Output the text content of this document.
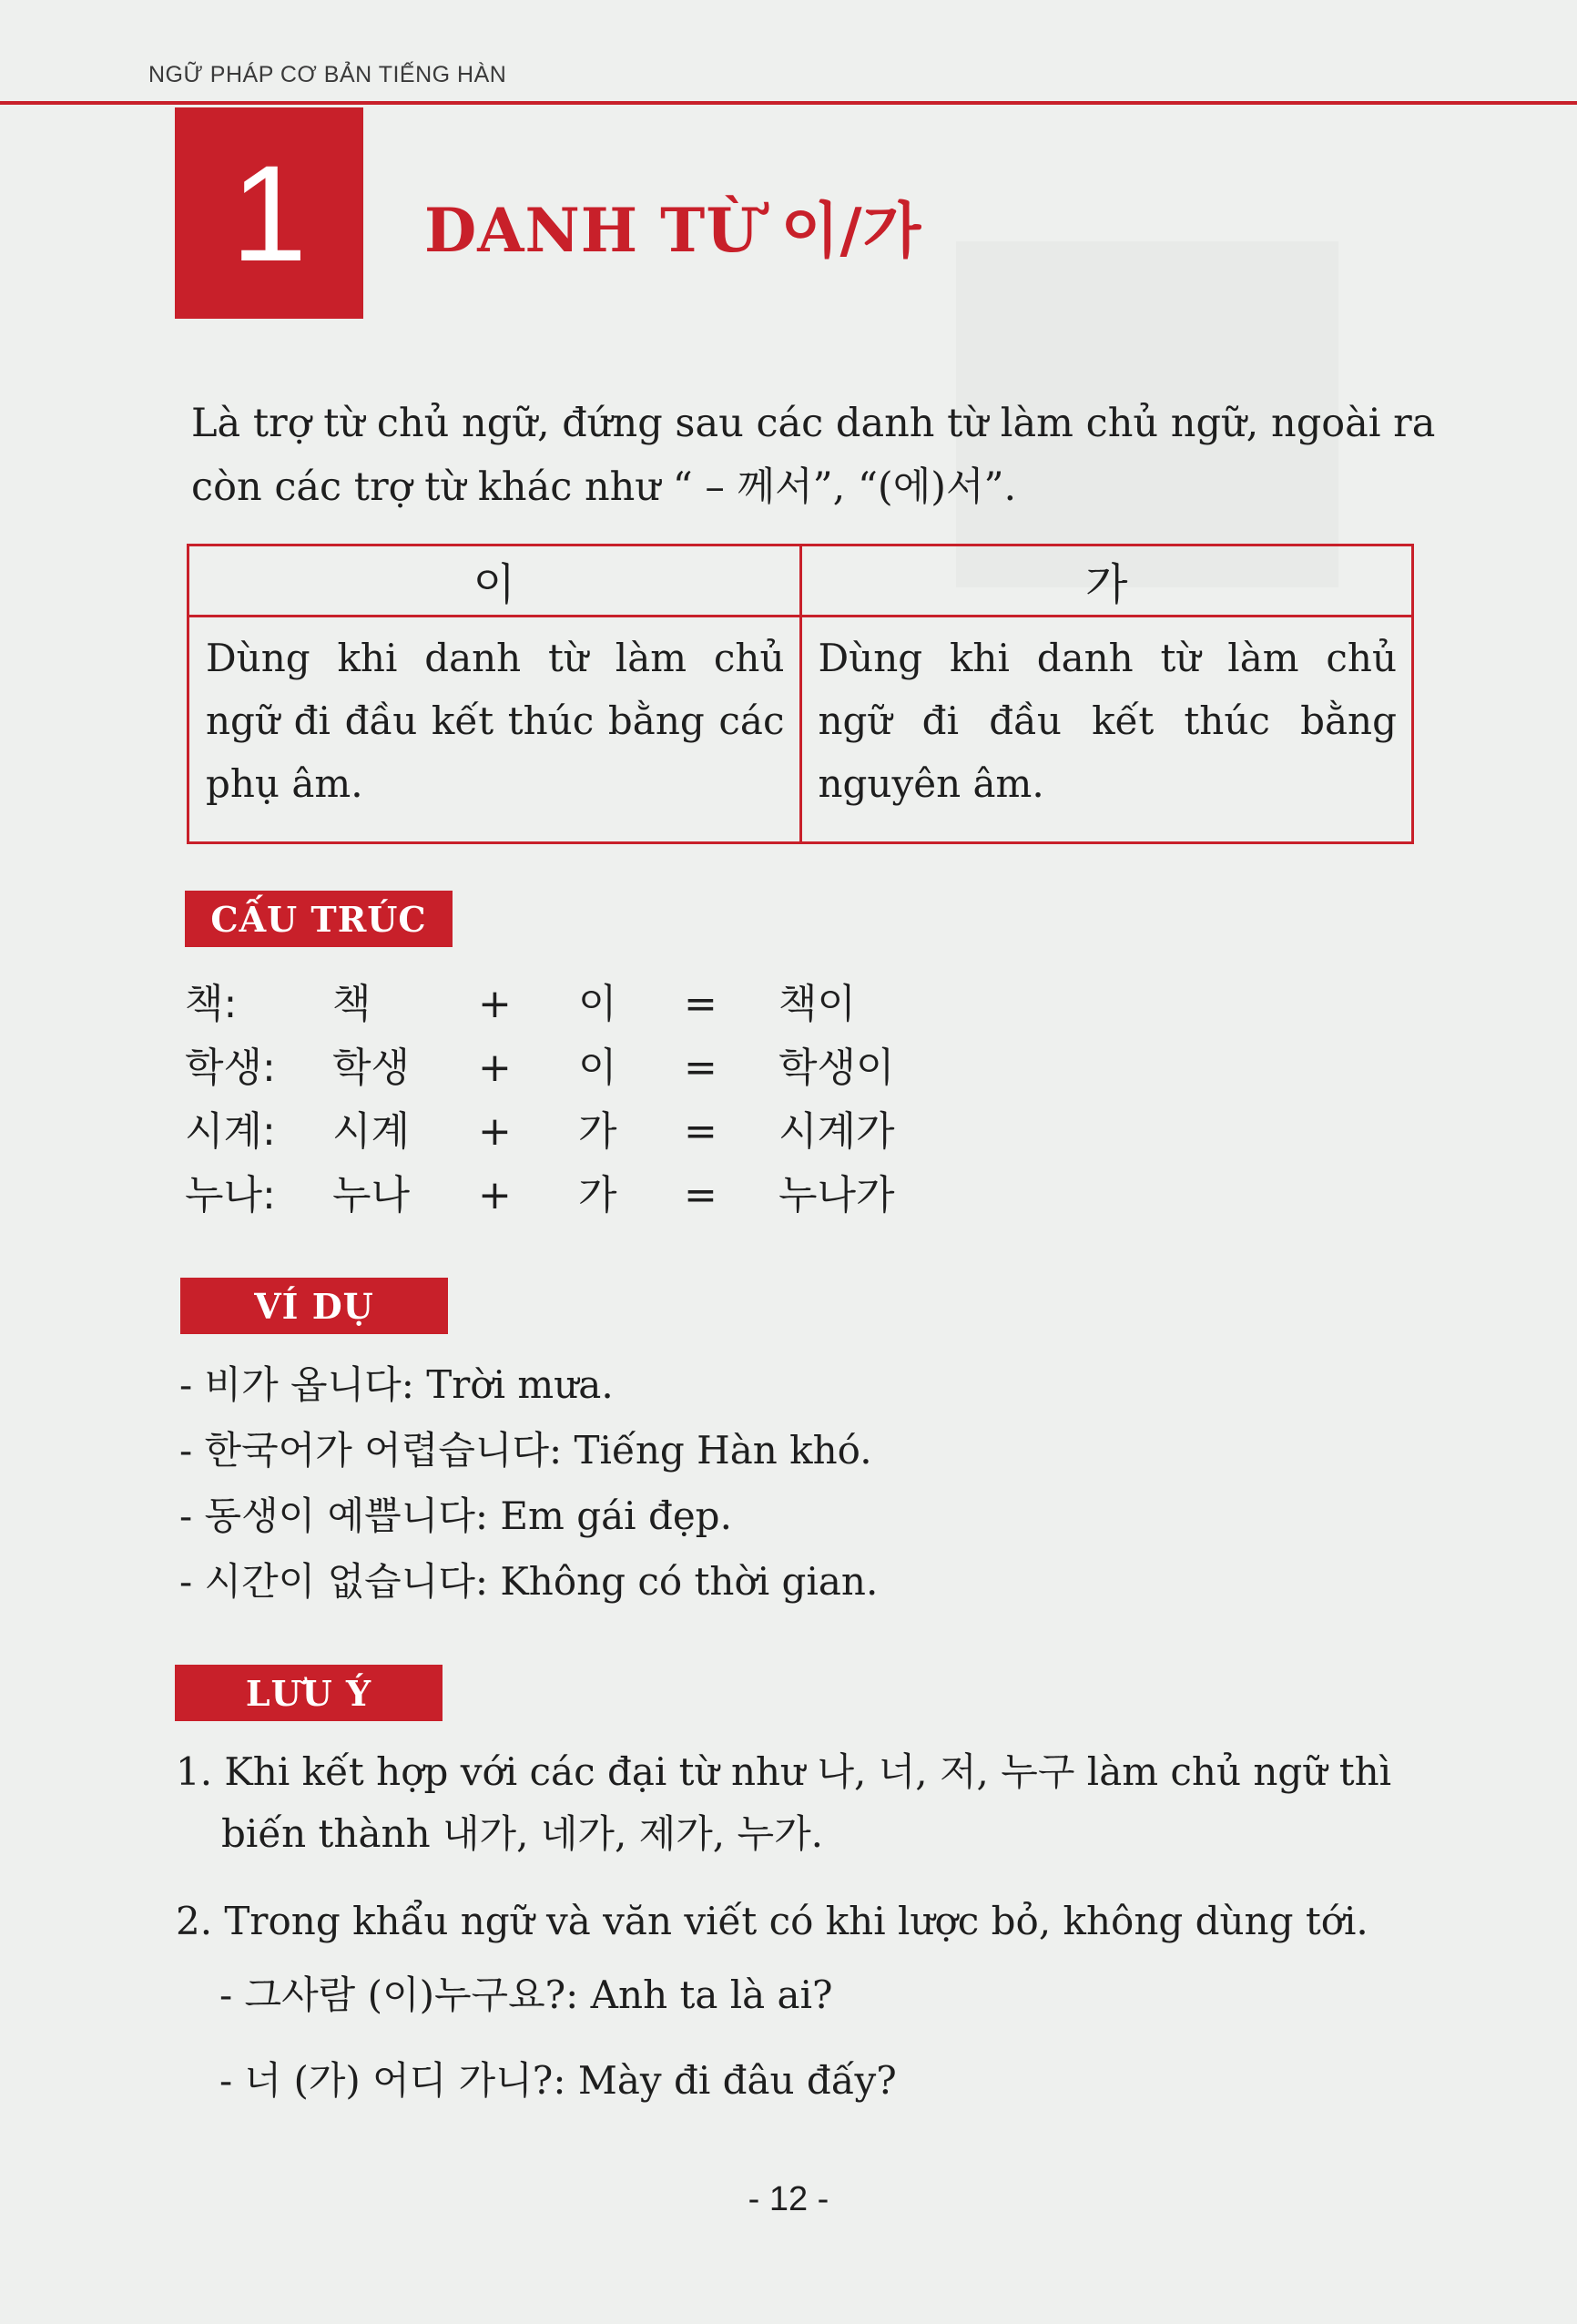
NGỮ PHÁP CƠ BẢN TIẾNG HÀN
1 DANH TỪ 이/가

Là trợ từ chủ ngữ, đứng sau các danh từ làm chủ ngữ, ngoài ra
còn các trợ từ khác như “ – 께서”, “(에)서”.

이	가
Dùng khi danh từ làm chủ ngữ đi đầu kết thúc bằng các phụ âm.	Dùng khi danh từ làm chủ ngữ đi đầu kết thúc bằng nguyên âm.
CẤU TRÚC
책: 책	+ 이 = 책이
학생: 학생 + 이 = 학생이
시계: 시계 + 가 = 시계가
누나: 누나 + 가 = 누나가
VÍ DỤ
- 비가 옵니다: Trời mưa.
- 한국어가 어렵습니다: Tiếng Hàn khó.
- 동생이 예쁩니다: Em gái đẹp.
- 시간이 없습니다: Không có thời gian.
LƯU Ý

1. Khi kết hợp với các đại từ như 나, 너, 저, 누구 làm chủ ngữ thì biến thành 내가, 네가, 제가, 누가.

2. Trong khẩu ngữ và văn viết có khi lược bỏ, không dùng tới.

- 그사람 (이)누구요?: Anh ta là ai?
- 너 (가) 어디 가니?: Mày đi đâu đấy?
- 12 -
